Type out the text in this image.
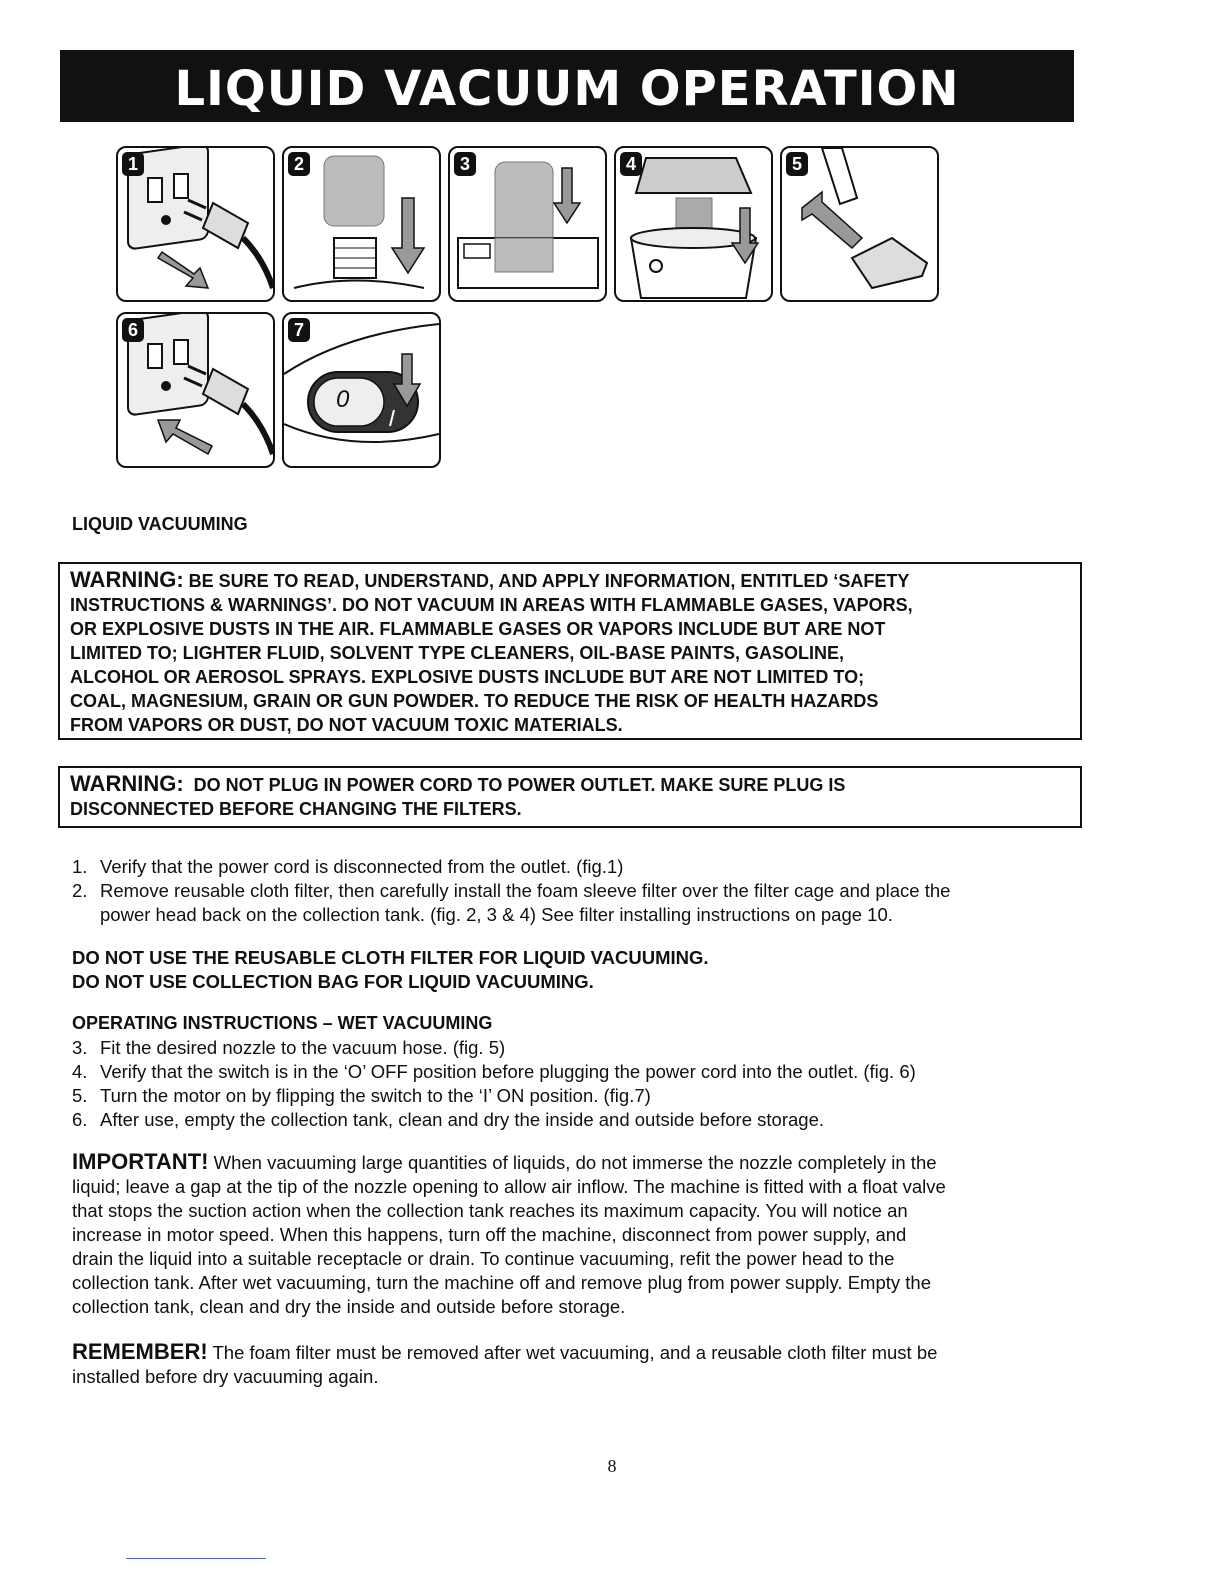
LIQUID VACUUM OPERATION
1	2	3	4	5
6	7
0
LIQUID VACUUMING
WARNING: BE SURE TO READ, UNDERSTAND, AND APPLY INFORMATION, ENTITLED ‘SAFETY
INSTRUCTIONS & WARNINGS’. DO NOT VACUUM IN AREAS WITH FLAMMABLE GASES, VAPORS,
OR EXPLOSIVE DUSTS IN THE AIR. FLAMMABLE GASES OR VAPORS INCLUDE BUT ARE NOT
LIMITED TO; LIGHTER FLUID, SOLVENT TYPE CLEANERS, OIL-BASE PAINTS, GASOLINE,
ALCOHOL OR AEROSOL SPRAYS. EXPLOSIVE DUSTS INCLUDE BUT ARE NOT LIMITED TO;
COAL, MAGNESIUM, GRAIN OR GUN POWDER. TO REDUCE THE RISK OF HEALTH HAZARDS
FROM VAPORS OR DUST, DO NOT VACUUM TOXIC MATERIALS.
WARNING: DO NOT PLUG IN POWER CORD TO POWER OUTLET. MAKE SURE PLUG IS
DISCONNECTED BEFORE CHANGING THE FILTERS.
1. Verify that the power cord is disconnected from the outlet. (fig.1)
2. Remove reusable cloth filter, then carefully install the foam sleeve filter over the filter cage and place the
power head back on the collection tank. (fig. 2, 3 & 4) See filter installing instructions on page 10.
DO NOT USE THE REUSABLE CLOTH FILTER FOR LIQUID VACUUMING.
DO NOT USE COLLECTION BAG FOR LIQUID VACUUMING.
OPERATING INSTRUCTIONS – WET VACUUMING
3. Fit the desired nozzle to the vacuum hose. (fig. 5)
4. Verify that the switch is in the ‘O’ OFF position before plugging the power cord into the outlet. (fig. 6)
5. Turn the motor on by flipping the switch to the ‘I’ ON position. (fig.7)
6. After use, empty the collection tank, clean and dry the inside and outside before storage.
IMPORTANT! When vacuuming large quantities of liquids, do not immerse the nozzle completely in the
liquid; leave a gap at the tip of the nozzle opening to allow air inflow. The machine is fitted with a float valve
that stops the suction action when the collection tank reaches its maximum capacity. You will notice an
increase in motor speed. When this happens, turn off the machine, disconnect from power supply, and
drain the liquid into a suitable receptacle or drain. To continue vacuuming, refit the power head to the
collection tank. After wet vacuuming, turn the machine off and remove plug from power supply. Empty the
collection tank, clean and dry the inside and outside before storage.
REMEMBER! The foam filter must be removed after wet vacuuming, and a reusable cloth filter must be
installed before dry vacuuming again.
8
